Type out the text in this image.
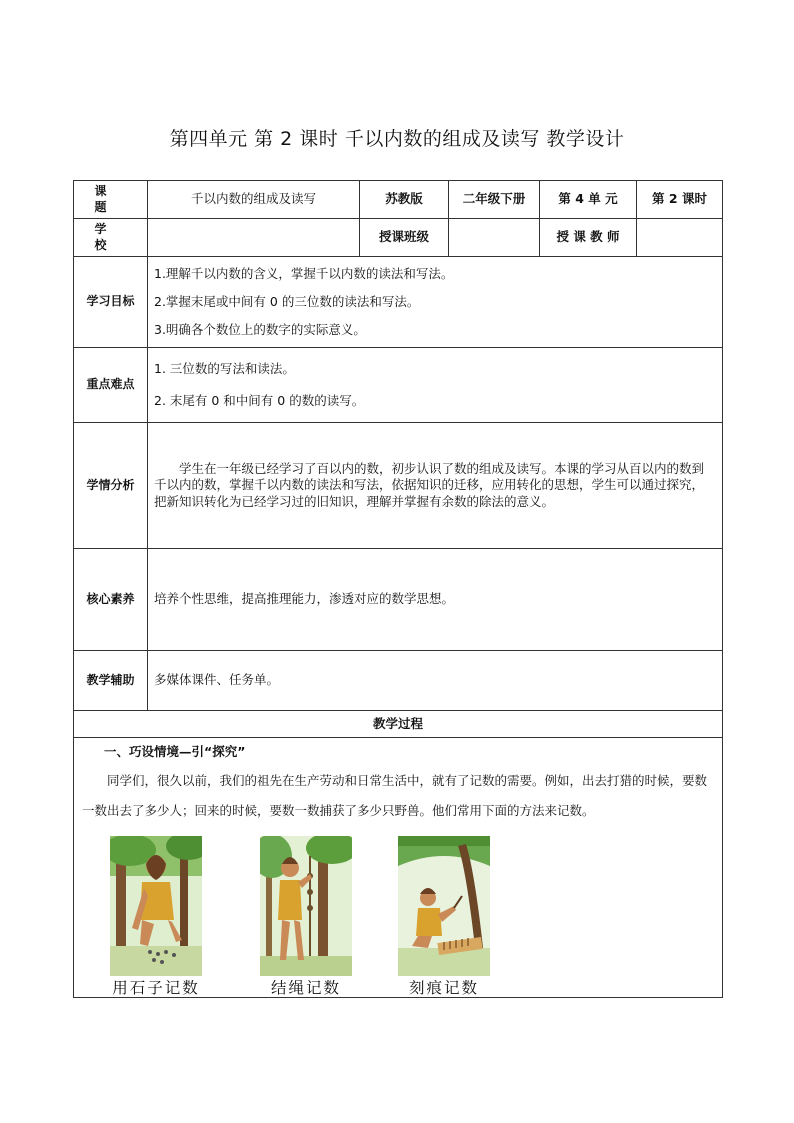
第四单元 第 2 课时 千以内数的组成及读写 教学设计
课 题	千以内数的组成及读写	苏教版	二年级下册	第 4 单 元	第 2 课时
学 校		授课班级		授 课 教 师	
学习目标	1.理解千以内数的含义，掌握千以内数的读法和写法。
2.掌握末尾或中间有 0 的三位数的读法和写法。
3.明确各个数位上的数字的实际意义。				

重点难点	1. 三位数的写法和读法。
2. 末尾有 0 和中间有 0 的数的读写。				

学情分析	学生在一年级已经学习了百以内的数，初步认识了数的组成及读写。本课的学习从百以内的数到千以内的数，掌握千以内数的读法和写法，依据知识的迁移，应用转化的思想，学生可以通过探究，把新知识转化为已经学习过的旧知识，理解并掌握有余数的除法的意义。				
核心素养	培养个性思维，提高推理能力，渗透对应的数学思想。				
教学辅助	多媒体课件、任务单。				
教学过程					

一、巧设情境—引“探究”

同学们，很久以前，我们的祖先在生产劳动和日常生活中，就有了记数的需要。例如，出去打猎的时候，要数一数出去了多少人；回来的时候，要数一数捕获了多少只野兽。他们常用下面的方法来记数。

用石子记数 结绳记数 刻痕记数					
